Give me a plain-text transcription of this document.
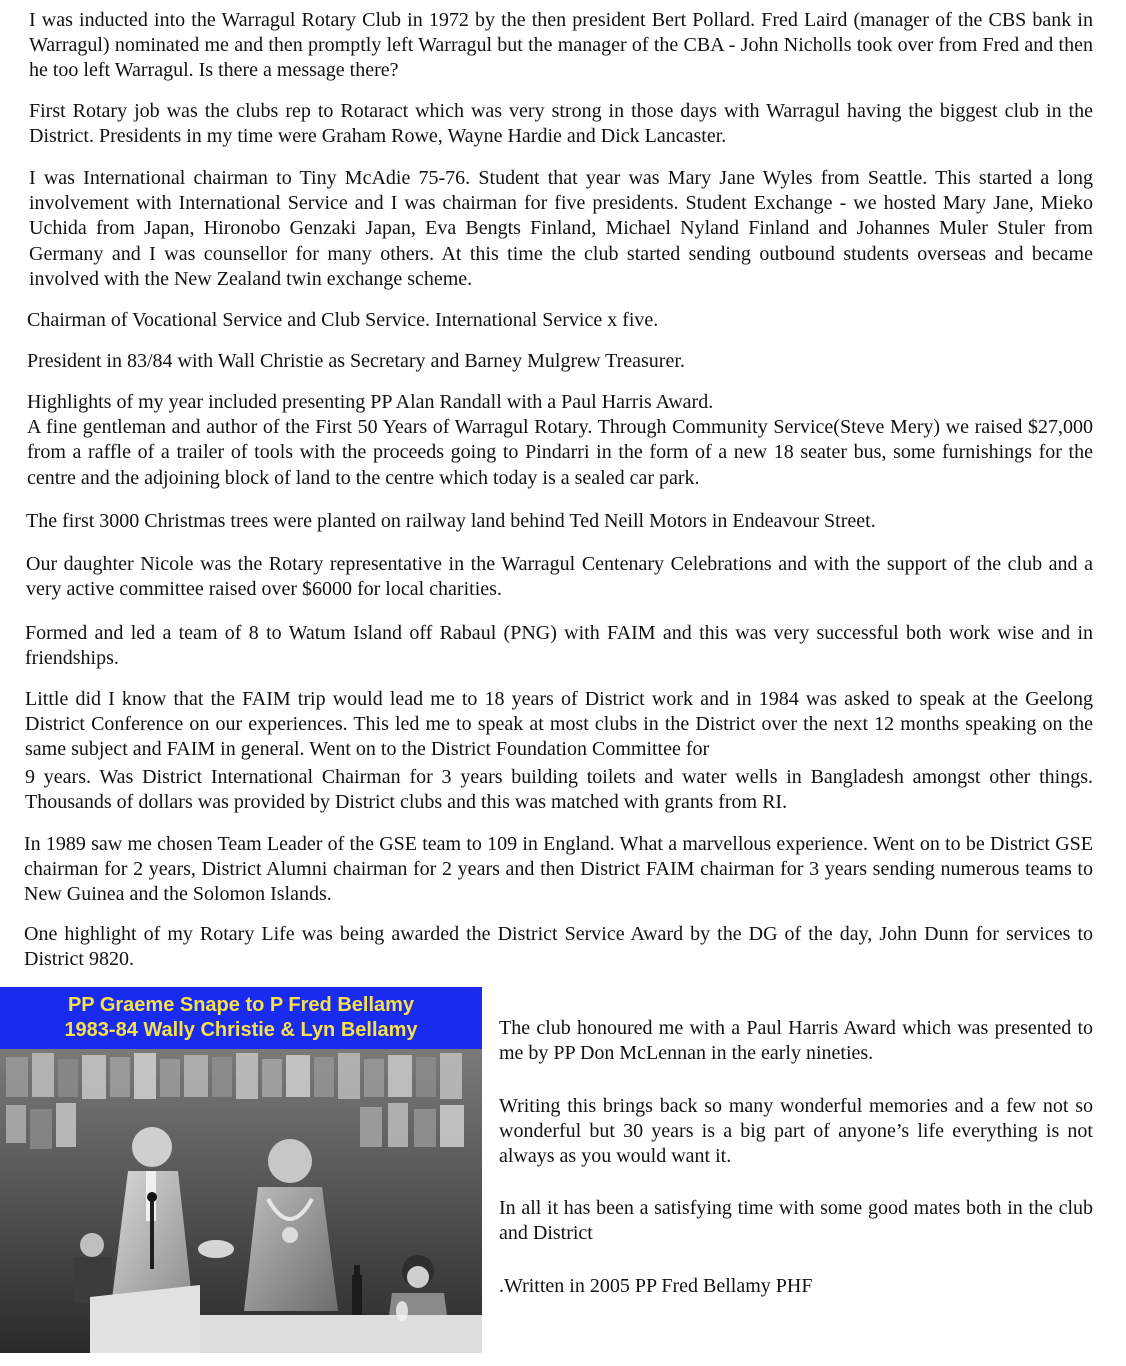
I was inducted into the Warragul Rotary Club in 1972 by the then president Bert Pollard. Fred Laird (manager of the CBS bank in Warragul) nominated me and then promptly left Warragul but the manager of the CBA - John Nicholls took over from Fred and then he too left Warragul. Is there a message there?

First Rotary job was the clubs rep to Rotaract which was very strong in those days with Warragul having the biggest club in the District. Presidents in my time were Graham Rowe, Wayne Hardie and Dick Lancaster.

I was International chairman to Tiny McAdie 75-76. Student that year was Mary Jane Wyles from Seattle. This started a long involvement with International Service and I was chairman for five presidents. Student Exchange - we hosted Mary Jane, Mieko Uchida from Japan, Hironobo Genzaki Japan, Eva Bengts Finland, Michael Nyland Finland and Johannes Muler Stuler from Germany and I was counsellor for many others. At this time the club started sending outbound students overseas and became involved with the New Zealand twin exchange scheme.

Chairman of Vocational Service and Club Service. International Service x five.

President in 83/84 with Wall Christie as Secretary and Barney Mulgrew Treasurer.

Highlights of my year included presenting PP Alan Randall with a Paul Harris Award.
A fine gentleman and author of the First 50 Years of Warragul Rotary. Through Community Service(Steve Mery) we raised $27,000 from a raffle of a trailer of tools with the proceeds going to Pindarri in the form of a new 18 seater bus, some furnishings for the centre and the adjoining block of land to the centre which today is a sealed car park.

The first 3000 Christmas trees were planted on railway land behind Ted Neill Motors in Endeavour Street.

Our daughter Nicole was the Rotary representative in the Warragul Centenary Celebrations and with the support of the club and a very active committee raised over $6000 for local charities.

Formed and led a team of 8 to Watum Island off Rabaul (PNG) with FAIM and this was very successful both work wise and in friendships.

Little did I know that the FAIM trip would lead me to 18 years of District work and in 1984 was asked to speak at the Geelong District Conference on our experiences. This led me to speak at most clubs in the District over the next 12 months speaking on the same subject and FAIM in general. Went on to the District Foundation Committee for
9 years. Was District International Chairman for 3 years building toilets and water wells in Bangladesh amongst other things. Thousands of dollars was provided by District clubs and this was matched with grants from RI.

In 1989 saw me chosen Team Leader of the GSE team to 109 in England. What a marvellous experience. Went on to be District GSE chairman for 2 years, District Alumni chairman for 2 years and then District FAIM chairman for 3 years sending numerous teams to New Guinea and the Solomon Islands.

One highlight of my Rotary Life was being awarded the District Service Award by the DG of the day, John Dunn for services to District 9820.

PP Graeme Snape to P Fred Bellamy
1983-84 Wally Christie & Lyn Bellamy	The club honoured me with a Paul Harris Award which was presented to me by PP Don McLennan in the early nineties.

Writing this brings back so many wonderful memories and a few not so wonderful but 30 years is a big part of anyone’s life everything is not always as you would want it.

In all it has been a satisfying time with some good mates both in the club and District

.Written in 2005 PP Fred Bellamy PHF
